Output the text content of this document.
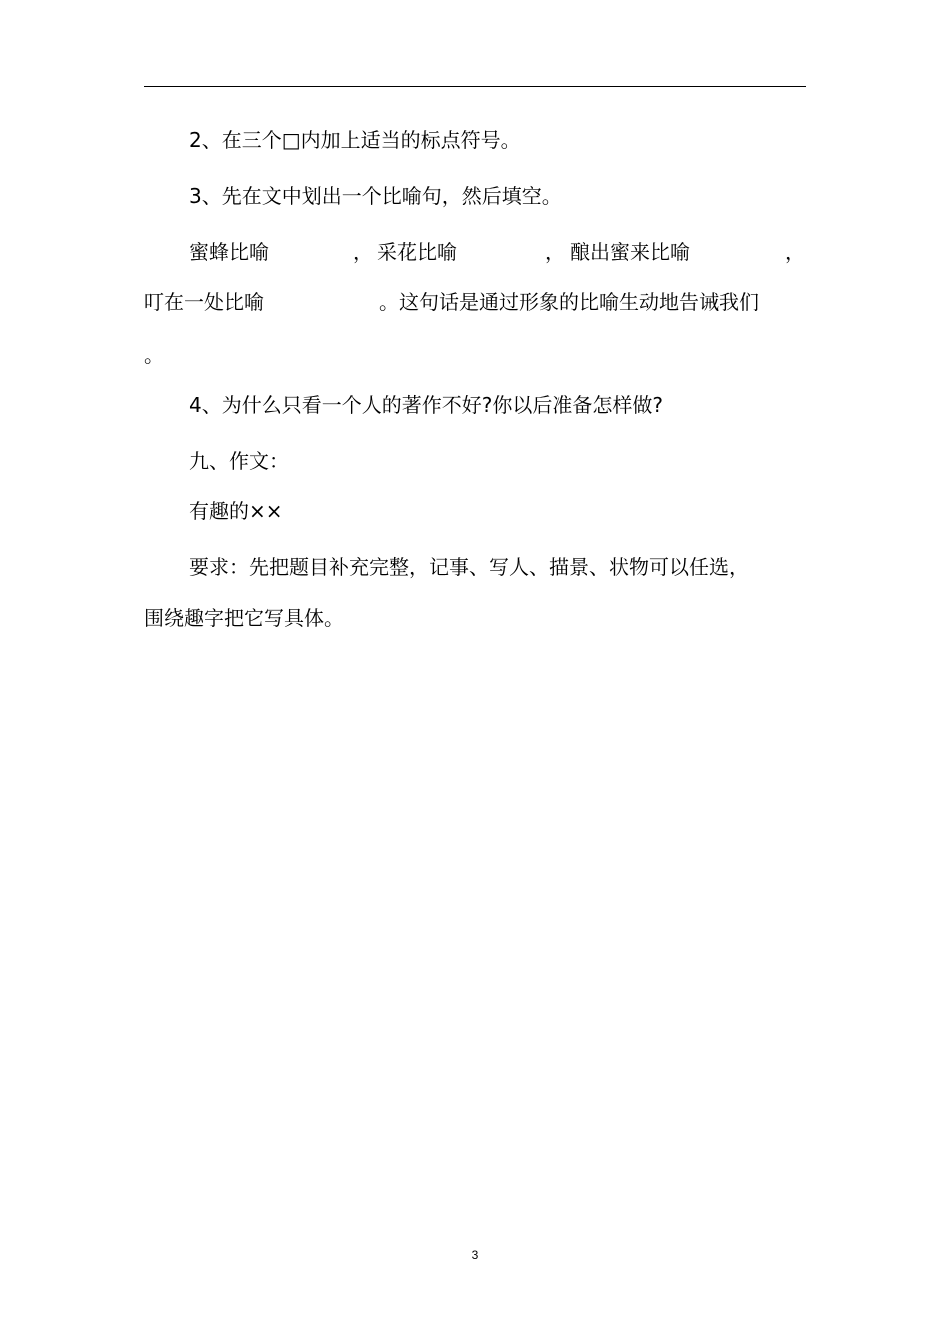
2、在三个□内加上适当的标点符号。
3、先在文中划出一个比喻句，然后填空。
蜜蜂比喻	， 采花比喻	， 酿出蜜来比喻	，
叮在一处比喻	。这句话是通过形象的比喻生动地告诫我们
。
4、为什么只看一个人的著作不好?你以后准备怎样做?
九、作文：
有趣的××
要求：先把题目补充完整，记事、写人、描景、状物可以任选，
围绕趣字把它写具体。
3
